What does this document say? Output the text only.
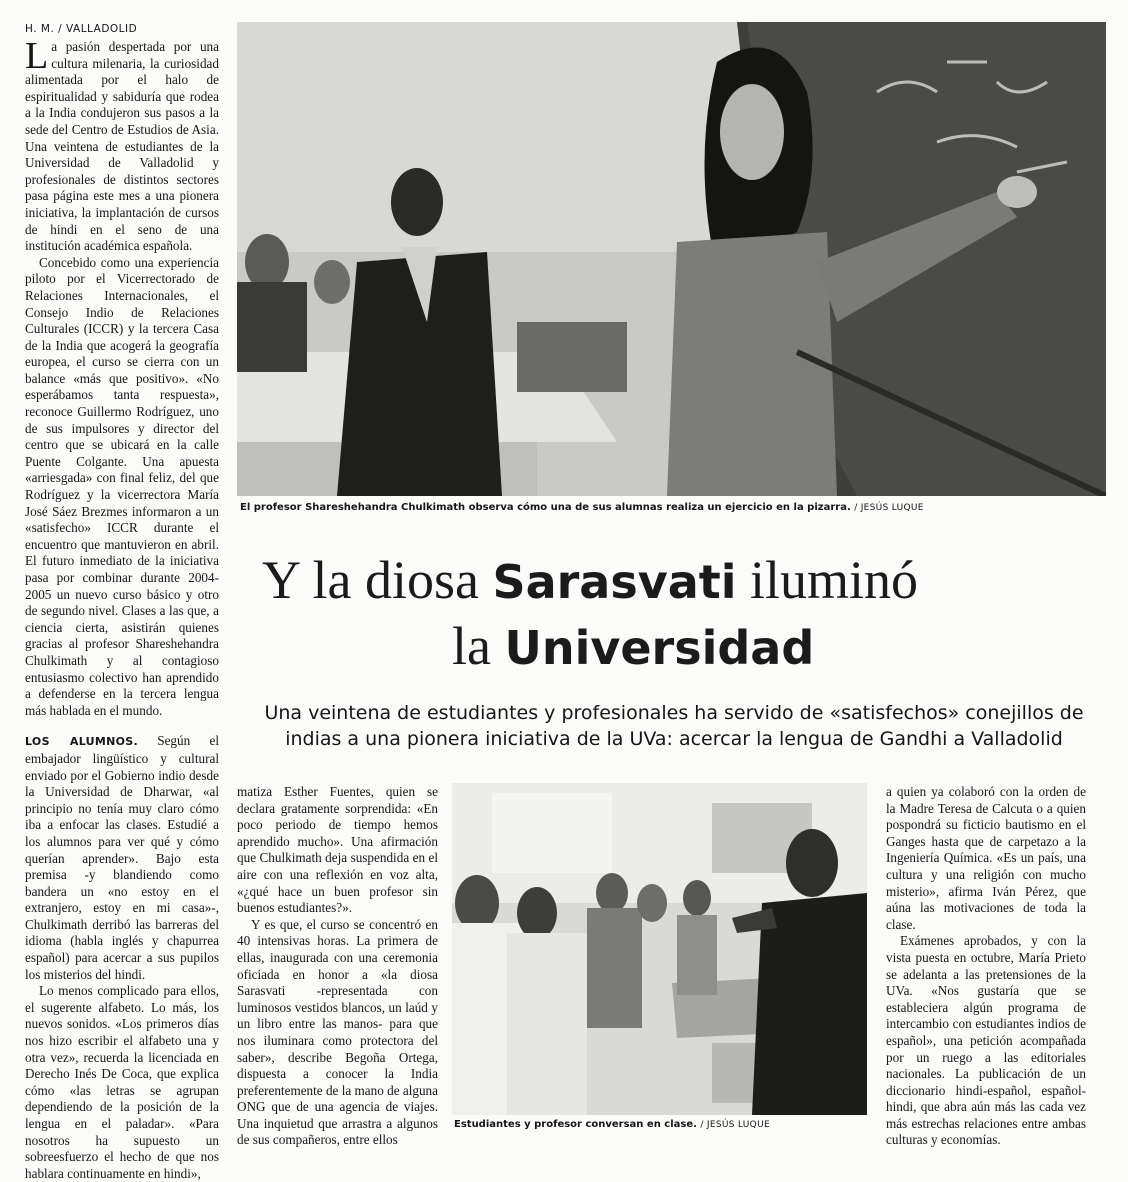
H. M. / VALLADOLID

La pasión despertada por una cultura milenaria, la curiosidad alimentada por el halo de espiritualidad y sabiduría que rodea a la India condujeron sus pasos a la sede del Centro de Estudios de Asia. Una veintena de estudiantes de la Universidad de Valladolid y profesionales de distintos sectores pasa página este mes a una pionera iniciativa, la implantación de cursos de hindi en el seno de una institución académica española.

Concebido como una experiencia piloto por el Vicerrectorado de Relaciones Internacionales, el Consejo Indio de Relaciones Culturales (ICCR) y la tercera Casa de la India que acogerá la geografía europea, el curso se cierra con un balance «más que positivo». «No esperábamos tanta respuesta», reconoce Guillermo Rodríguez, uno de sus impulsores y director del centro que se ubicará en la calle Puente Colgante. Una apuesta «arriesgada» con final feliz, del que Rodríguez y la vicerrectora María José Sáez Brezmes informaron a un «satisfecho» ICCR durante el encuentro que mantuvieron en abril. El futuro inmediato de la iniciativa pasa por combinar durante 2004-2005 un nuevo curso básico y otro de segundo nivel. Clases a las que, a ciencia cierta, asistirán quienes gracias al profesor Shareshehandra Chulkimath y al contagioso entusiasmo colectivo han aprendido a defenderse en la tercera lengua más hablada en el mundo.

LOS ALUMNOS. Según el embajador lingüístico y cultural enviado por el Gobierno indio desde la Universidad de Dharwar, «al principio no tenía muy claro cómo iba a enfocar las clases. Estudié a los alumnos para ver qué y cómo querían aprender». Bajo esta premisa -y blandiendo como bandera un «no estoy en el extranjero, estoy en mi casa»-, Chulkimath derribó las barreras del idioma (habla inglés y chapurrea español) para acercar a sus pupilos los misterios del hindi.

Lo menos complicado para ellos, el sugerente alfabeto. Lo más, los nuevos sonidos. «Los primeros días nos hizo escribir el alfabeto una y otra vez», recuerda la licenciada en Derecho Inés De Coca, que explica cómo «las letras se agrupan dependiendo de la posición de la lengua en el paladar». «Para nosotros ha supuesto un sobreesfuerzo el hecho de que nos hablara continuamente en hindi»,

El profesor Shareshehandra Chulkimath observa cómo una de sus alumnas realiza un ejercicio en la pizarra. / JESÚS LUQUE
Y la diosa Sarasvati iluminó
la Universidad
Una veintena de estudiantes y profesionales ha servido de «satisfechos» conejillos de indias a una pionera iniciativa de la UVa: acercar la lengua de Gandhi a Valladolid

matiza Esther Fuentes, quien se declara gratamente sorprendida: «En poco periodo de tiempo hemos aprendido mucho». Una afirmación que Chulkimath deja suspendida en el aire con una reflexión en voz alta, «¿qué hace un buen profesor sin buenos estudiantes?».

Y es que, el curso se concentró en 40 intensivas horas. La primera de ellas, inaugurada con una ceremonia oficiada en honor a «la diosa Sarasvati -representada con luminosos vestidos blancos, un laúd y un libro entre las manos- para que nos iluminara como protectora del saber», describe Begoña Ortega, dispuesta a conocer la India preferentemente de la mano de alguna ONG que de una agencia de viajes. Una inquietud que arrastra a algunos de sus compañeros, entre ellos

Estudiantes y profesor conversan en clase. / JESÚS LUQUE

a quien ya colaboró con la orden de la Madre Teresa de Calcuta o a quien pospondrá su ficticio bautismo en el Ganges hasta que de carpetazo a la Ingeniería Química. «Es un país, una cultura y una religión con mucho misterio», afirma Iván Pérez, que aúna las motivaciones de toda la clase.

Exámenes aprobados, y con la vista puesta en octubre, María Prieto se adelanta a las pretensiones de la UVa. «Nos gustaría que se estableciera algún programa de intercambio con estudiantes indios de español», una petición acompañada por un ruego a las editoriales nacionales. La publicación de un diccionario hindi-español, español-hindi, que abra aún más las cada vez más estrechas relaciones entre ambas culturas y economías.
